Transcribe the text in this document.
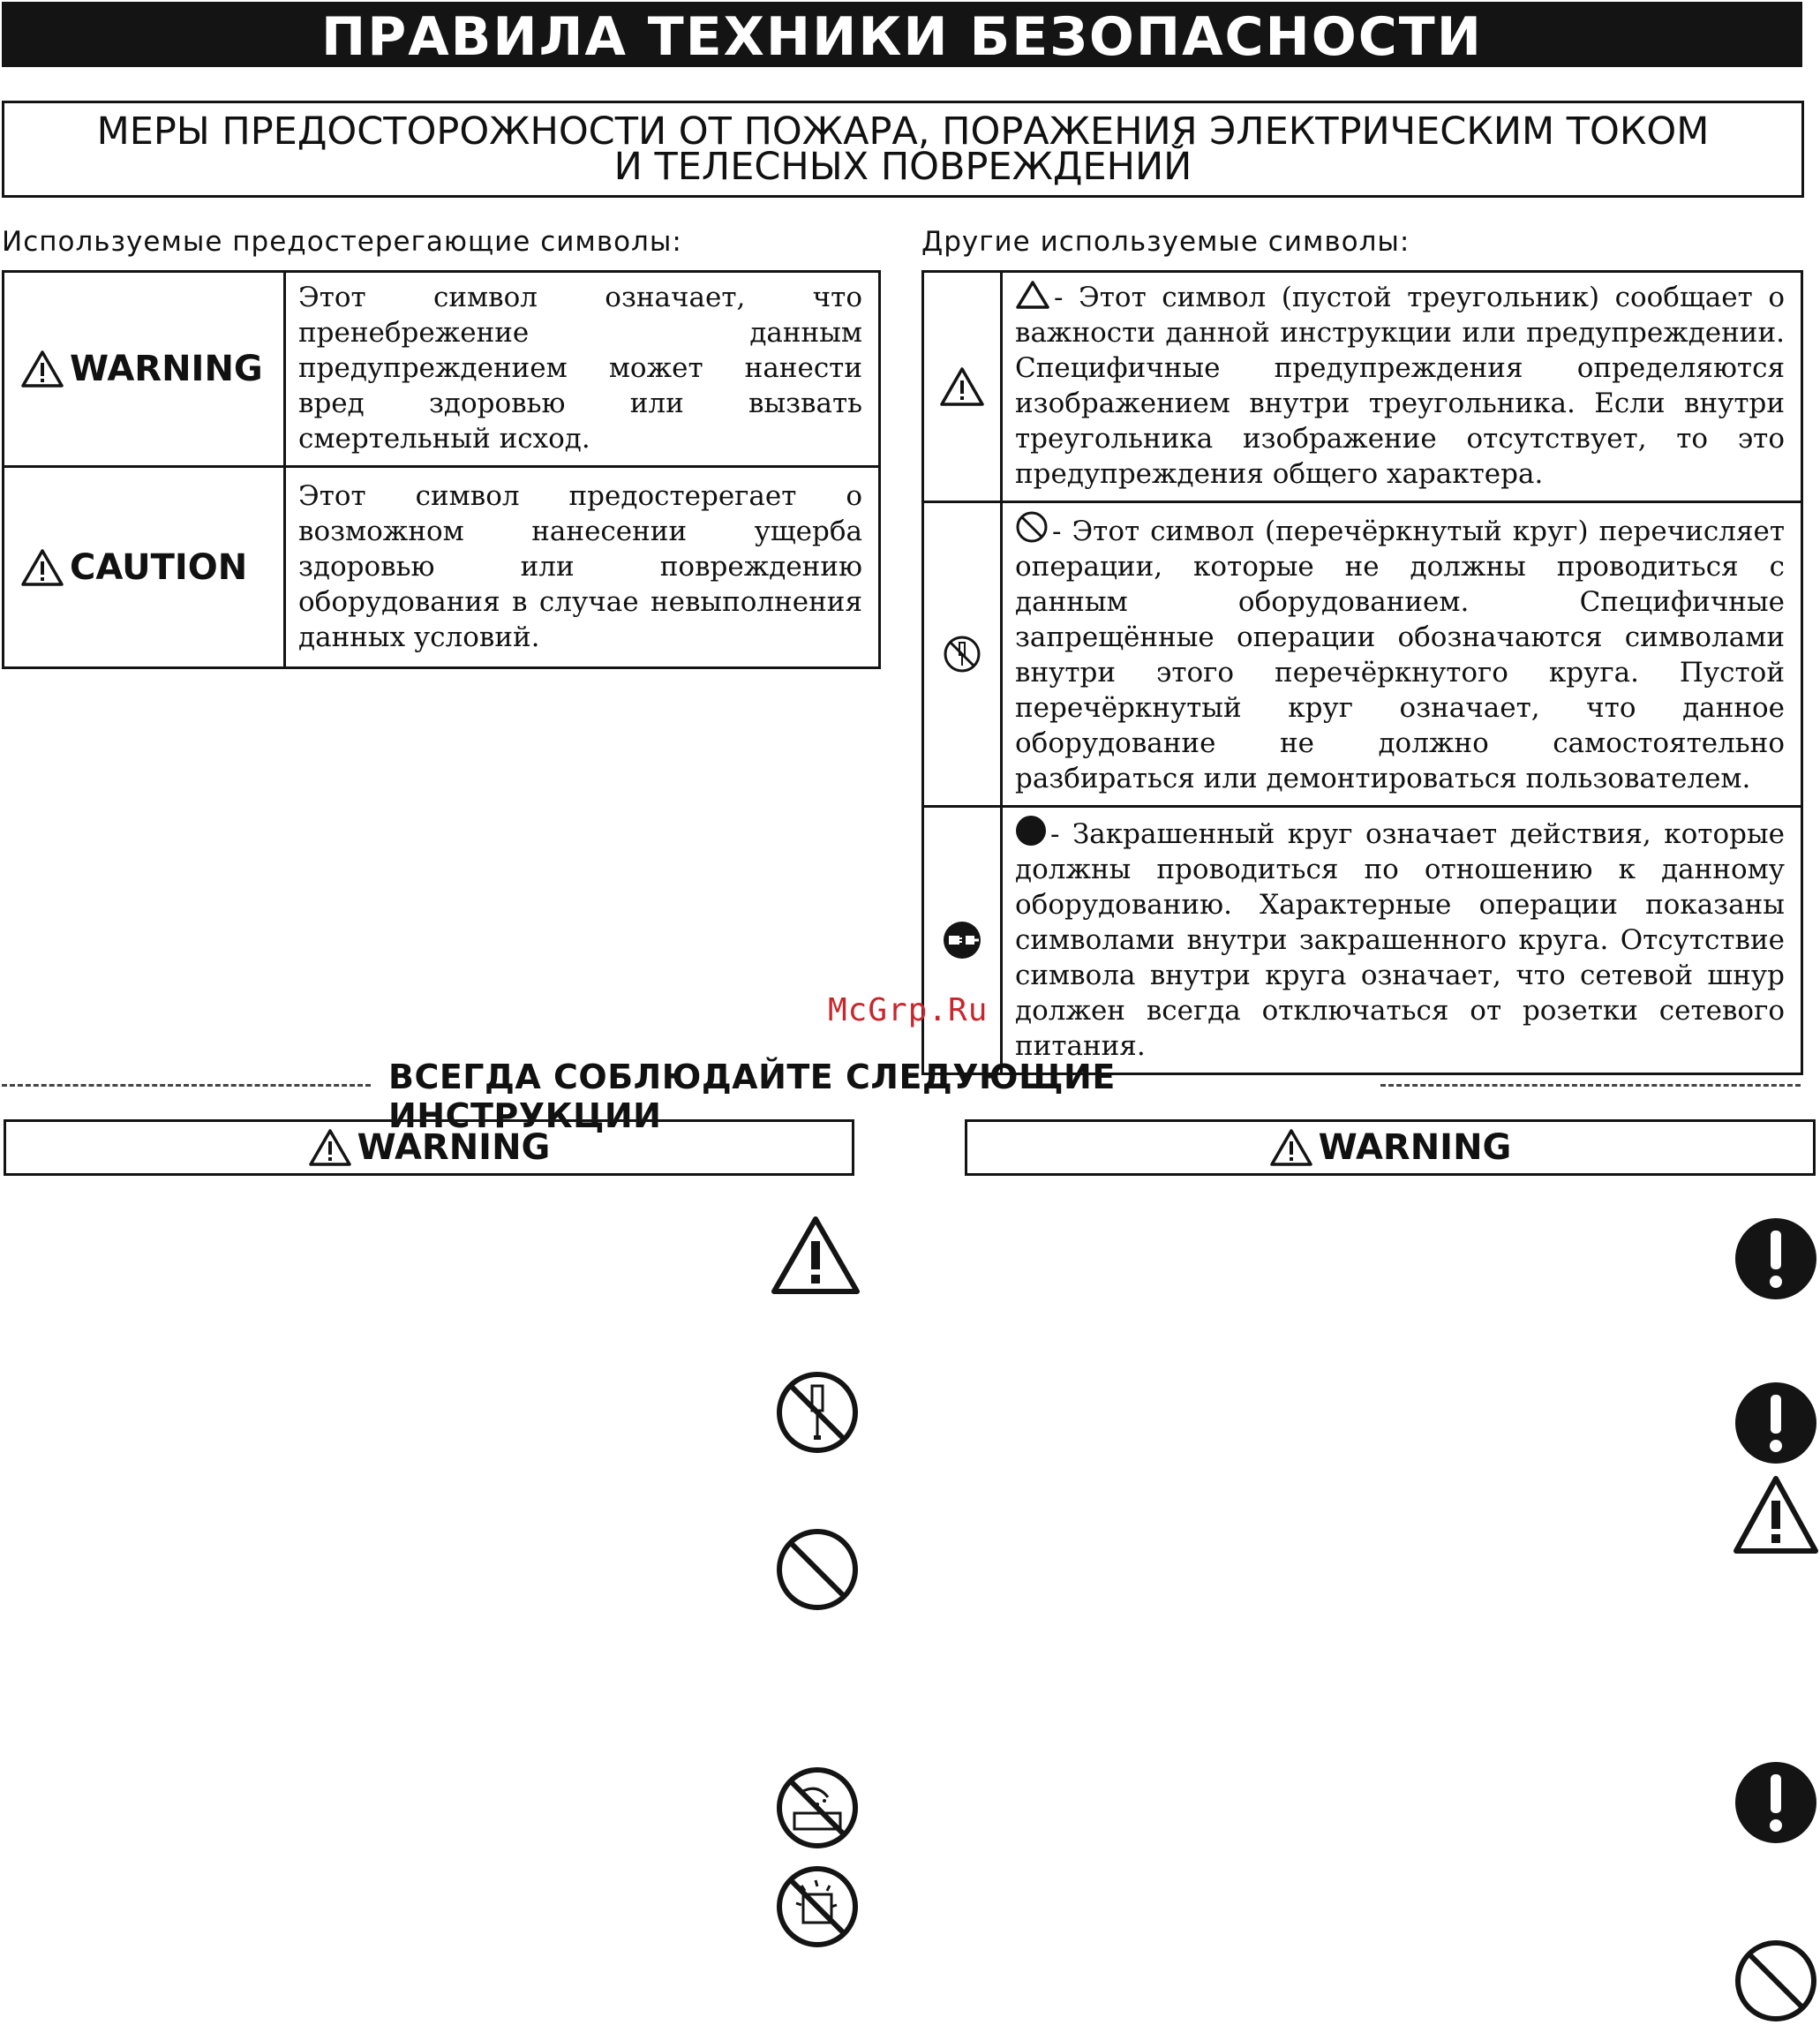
ПРАВИЛА ТЕХНИКИ БЕЗОПАСНОСТИ
МЕРЫ ПРЕДОСТОРОЖНОСТИ ОТ ПОЖАРА, ПОРАЖЕНИЯ ЭЛЕКТРИЧЕСКИМ ТОКОМ
И ТЕЛЕСНЫХ ПОВРЕЖДЕНИЙ
Используемые предостерегающие символы:
WARNING	Этот символ означает, что пренебрежение данным предупреждением может нанести вред здоровью или вызвать смертельный исход.

CAUTION	Этот символ предостерегает о возможном нанесении ущерба здоровью или повреждению оборудования в случае невыполнения данных условий.
Другие используемые символы:
	- Этот символ (пустой треугольник) сообщает о важности данной инструкции или предупреждении. Специфичные предупреждения определяются изображением внутри треугольника. Если внутри треугольника изображение отсутствует, то это предупреждения общего характера.

	- Этот символ (перечёркнутый круг) перечисляет операции, которые не должны проводиться с данным оборудованием. Специфичные запрещённые операции обозначаются символами внутри этого перечёркнутого круга. Пустой перечёркнутый круг означает, что данное оборудование не должно самостоятельно разбираться или демонтироваться пользователем.

	- Закрашенный круг означает действия, которые должны проводиться по отношению к данному оборудованию. Характерные операции показаны символами внутри закрашенного круга. Отсутствие символа внутри круга означает, что сетевой шнур должен всегда отключаться от розетки сетевого питания.
McGrp.Ru
ВСЕГДА СОБЛЮДАЙТЕ СЛЕДУЮЩИЕ ИНСТРУКЦИИ
WARNING	WARNING
